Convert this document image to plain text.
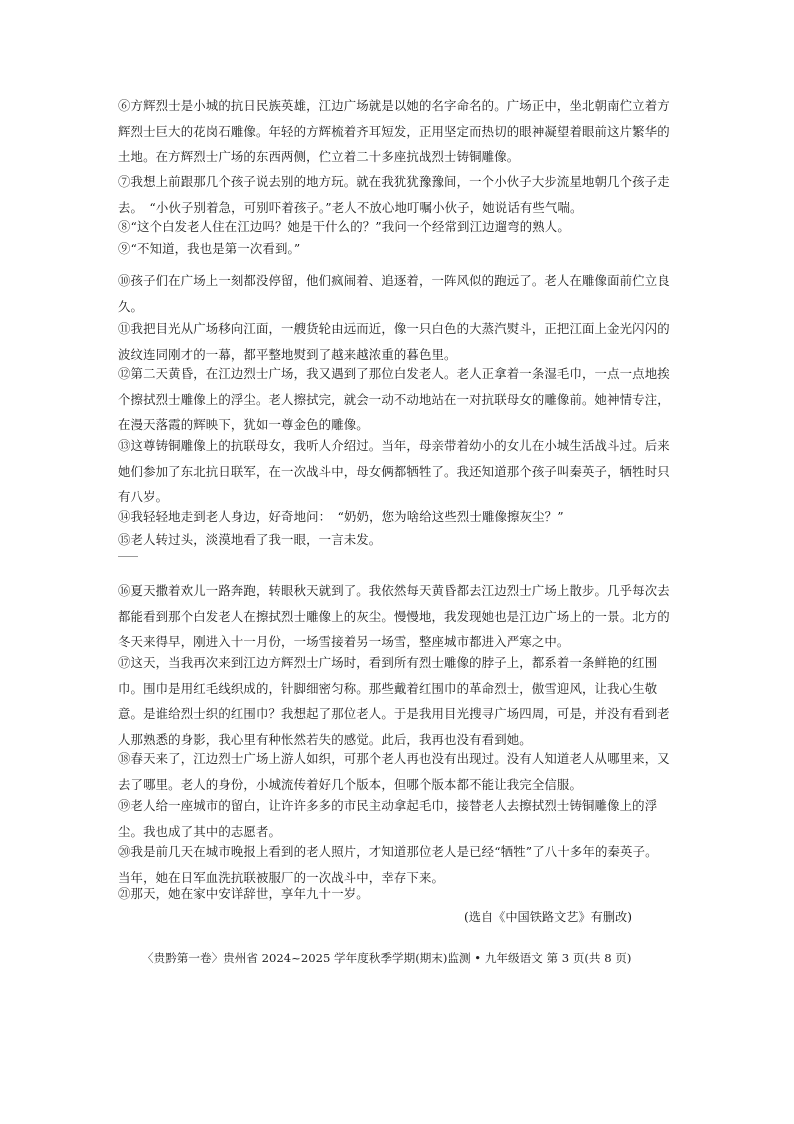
⑥方辉烈士是小城的抗日民族英雄，江边广场就是以她的名字命名的。广场正中，坐北朝南伫立着方辉烈士巨大的花岗石雕像。年轻的方辉梳着齐耳短发，正用坚定而热切的眼神凝望着眼前这片繁华的土地。在方辉烈士广场的东西两侧，伫立着二十多座抗战烈士铸铜雕像。

⑦我想上前跟那几个孩子说去别的地方玩。就在我犹犹豫豫间，一个小伙子大步流星地朝几个孩子走去。　“小伙子别着急，可别吓着孩子。”老人不放心地叮嘱小伙子，她说话有些气喘。

⑧“这个白发老人住在江边吗？她是干什么的？”我问一个经常到江边遛弯的熟人。

⑨“不知道，我也是第一次看到。”

⑩孩子们在广场上一刻都没停留，他们疯闹着、追逐着，一阵风似的跑远了。老人在雕像面前伫立良久。

⑪我把目光从广场移向江面，一艘货轮由远而近，像一只白色的大蒸汽熨斗，正把江面上金光闪闪的波纹连同刚才的一幕，都平整地熨到了越来越浓重的暮色里。

⑫第二天黄昏，在江边烈士广场，我又遇到了那位白发老人。老人正拿着一条湿毛巾，一点一点地挨个擦拭烈士雕像上的浮尘。老人擦拭完，就会一动不动地站在一对抗联母女的雕像前。她神情专注，在漫天落霞的辉映下，犹如一尊金色的雕像。

⑬这尊铸铜雕像上的抗联母女，我听人介绍过。当年，母亲带着幼小的女儿在小城生活战斗过。后来她们参加了东北抗日联军，在一次战斗中，母女俩都牺牲了。我还知道那个孩子叫秦英子，牺牲时只有八岁。

⑭我轻轻地走到老人身边，好奇地问：　“奶奶，您为啥给这些烈士雕像擦灰尘？”

⑮老人转过头，淡漠地看了我一眼，一言未发。

⑯夏天撒着欢儿一路奔跑，转眼秋天就到了。我依然每天黄昏都去江边烈士广场上散步。几乎每次去都能看到那个白发老人在擦拭烈士雕像上的灰尘。慢慢地，我发现她也是江边广场上的一景。北方的冬天来得早，刚进入十一月份，一场雪接着另一场雪，整座城市都进入严寒之中。

⑰这天，当我再次来到江边方辉烈士广场时，看到所有烈士雕像的脖子上，都系着一条鲜艳的红围巾。围巾是用红毛线织成的，针脚细密匀称。那些戴着红围巾的革命烈士，傲雪迎风，让我心生敬意。是谁给烈士织的红围巾？我想起了那位老人。于是我用目光搜寻广场四周，可是，并没有看到老人那熟悉的身影，我心里有种怅然若失的感觉。此后，我再也没有看到她。

⑱春天来了，江边烈士广场上游人如织，可那个老人再也没有出现过。没有人知道老人从哪里来，又去了哪里。老人的身份，小城流传着好几个版本，但哪个版本都不能让我完全信服。

⑲老人给一座城市的留白，让许许多多的市民主动拿起毛巾，接替老人去擦拭烈士铸铜雕像上的浮尘。我也成了其中的志愿者。

⑳我是前几天在城市晚报上看到的老人照片，才知道那位老人是已经“牺牲”了八十多年的秦英子。当年，她在日军血洗抗联被服厂的一次战斗中，幸存下来。

㉑那天，她在家中安详辞世，享年九十一岁。

(选自《中国铁路文艺》有删改)
〈贵黔第一卷〉贵州省 2024~2025 学年度秋季学期(期末)监测 • 九年级语文 第 3 页(共 8 页)
